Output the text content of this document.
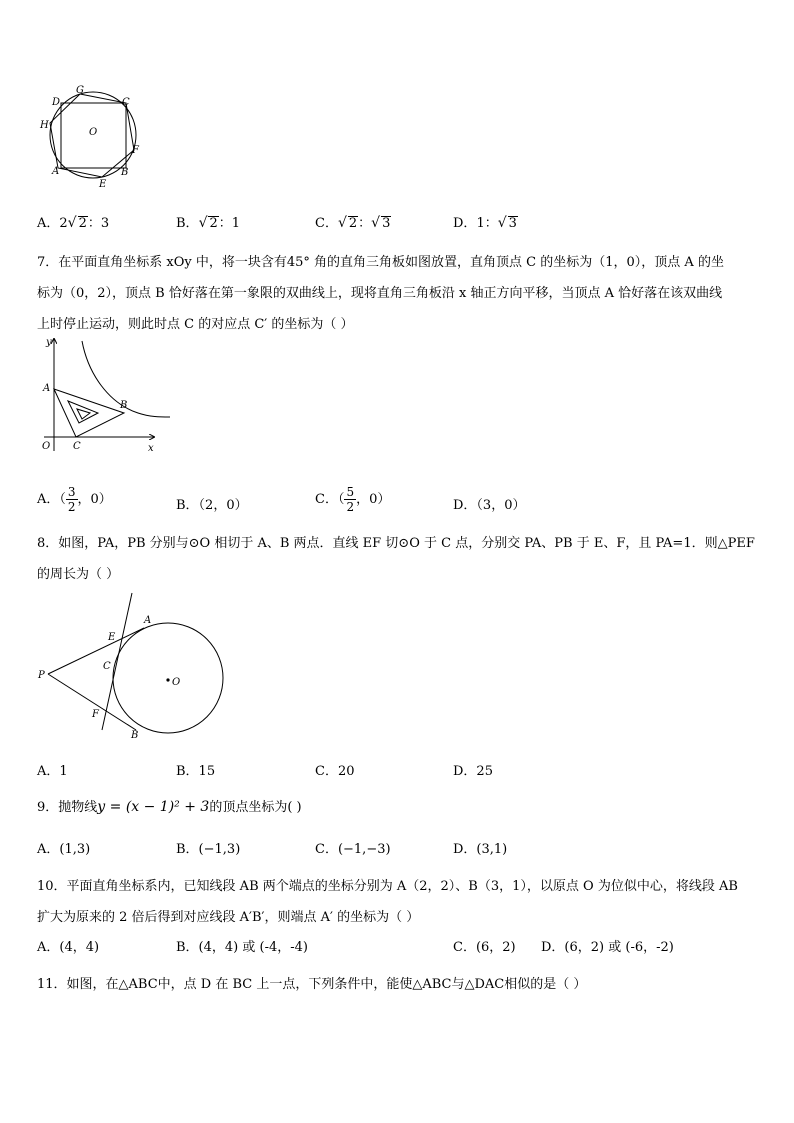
D
G
C
H
O
F
A
E
B
A．2√ 2：3	B．√ 2：1	C．√ 2：√ 3	D．1：√ 3
7．在平面直角坐标系 xOy 中，将一块含有45° 角的直角三角板如图放置，直角顶点 C 的坐标为（1，0），顶点 A 的坐
标为（0，2），顶点 B 恰好落在第一象限的双曲线上，现将直角三角板沿 x 轴正方向平移，当顶点 A 恰好落在该双曲线
上时停止运动，则此时点 C 的对应点 C′ 的坐标为（ ）
y
A
B
O C	x
A．（ $\frac{3}{2}$ ，0）	B．（2，0）	C．（ $\frac{5}{2}$ ，0）	D．（3，0）
8．如图，PA，PB 分别与⊙O 相切于 A、B 两点．直线 EF 切⊙O 于 C 点，分别交 PA、PB 于 E、F，且 PA=1．则△PEF
的周长为（ ）
A
E
C
P
O
F
B
A．1	B．15	C．20	D．25
9．抛物线y = (x − 1)² + 3的顶点坐标为( )
A．(1,3)	B．(−1,3)	C．(−1,−3)	D．(3,1)
10．平面直角坐标系内，已知线段 AB 两个端点的坐标分别为 A（2，2）、B（3，1），以原点 O 为位似中心，将线段 AB
扩大为原来的 2 倍后得到对应线段 A′B′，则端点 A′ 的坐标为（ ）
A．(4，4)	B．(4，4) 或 (-4，-4)	C．(6，2) D．(6，2) 或 (-6，-2)
11．如图，在△ABC中，点 D 在 BC 上一点，下列条件中，能使△ABC与△DAC相似的是（ ）
